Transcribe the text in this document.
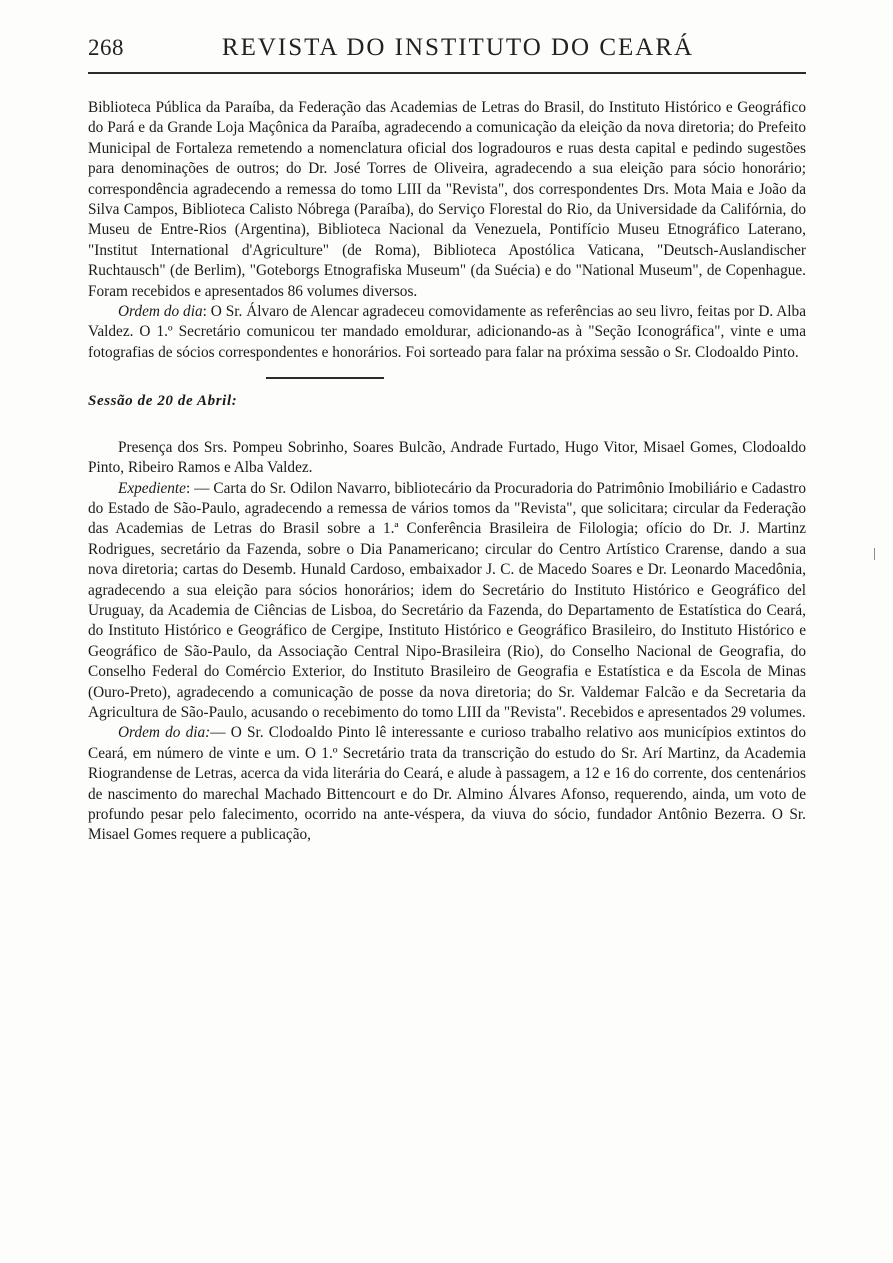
268	REVISTA DO INSTITUTO DO CEARÁ

Biblioteca Pública da Paraíba, da Federação das Academias de Letras do Brasil, do Instituto Histórico e Geográfico do Pará e da Grande Loja Maçônica da Paraíba, agradecendo a comunicação da eleição da nova diretoria; do Prefeito Municipal de Fortaleza remetendo a nomenclatura oficial dos logradouros e ruas desta capital e pedindo sugestões para denominações de outros; do Dr. José Torres de Oliveira, agradecendo a sua eleição para sócio honorário; correspondência agradecendo a remessa do tomo LIII da "Revista", dos correspondentes Drs. Mota Maia e João da Silva Campos, Biblioteca Calisto Nóbrega (Paraíba), do Serviço Florestal do Rio, da Universidade da Califórnia, do Museu de Entre-Rios (Argentina), Biblioteca Nacional da Venezuela, Pontifício Museu Etnográfico Laterano, "Institut International d'Agriculture" (de Roma), Biblioteca Apostólica Vaticana, "Deutsch-Auslandischer Ruchtausch" (de Berlim), "Goteborgs Etnografiska Museum" (da Suécia) e do "National Museum", de Copenhague. Foram recebidos e apresentados 86 volumes diversos.

Ordem do dia: O Sr. Álvaro de Alencar agradeceu comovidamente as referências ao seu livro, feitas por D. Alba Valdez. O 1.º Secretário comunicou ter mandado emoldurar, adicionando-as à "Seção Iconográfica", vinte e uma fotografias de sócios correspondentes e honorários. Foi sorteado para falar na próxima sessão o Sr. Clodoaldo Pinto.

Sessão de 20 de Abril:

Presença dos Srs. Pompeu Sobrinho, Soares Bulcão, Andrade Furtado, Hugo Vitor, Misael Gomes, Clodoaldo Pinto, Ribeiro Ramos e Alba Valdez.

Expediente: — Carta do Sr. Odilon Navarro, bibliotecário da Procuradoria do Patrimônio Imobiliário e Cadastro do Estado de São-Paulo, agradecendo a remessa de vários tomos da "Revista", que solicitara; circular da Federação das Academias de Letras do Brasil sobre a 1.ª Conferência Brasileira de Filologia; ofício do Dr. J. Martinz Rodrigues, secretário da Fazenda, sobre o Dia Panamericano; circular do Centro Artístico Crarense, dando a sua nova diretoria; cartas do Desemb. Hunald Cardoso, embaixador J. C. de Macedo Soares e Dr. Leonardo Macedônia, agradecendo a sua eleição para sócios honorários; idem do Secretário do Instituto Histórico e Geográfico del Uruguay, da Academia de Ciências de Lisboa, do Secretário da Fazenda, do Departamento de Estatística do Ceará, do Instituto Histórico e Geográfico de Cergipe, Instituto Histórico e Geográfico Brasileiro, do Instituto Histórico e Geográfico de São-Paulo, da Associação Central Nipo-Brasileira (Rio), do Conselho Nacional de Geografia, do Conselho Federal do Comércio Exterior, do Instituto Brasileiro de Geografia e Estatística e da Escola de Minas (Ouro-Preto), agradecendo a comunicação de posse da nova diretoria; do Sr. Valdemar Falcão e da Secretaria da Agricultura de São-Paulo, acusando o recebimento do tomo LIII da "Revista". Recebidos e apresentados 29 volumes.

Ordem do dia:— O Sr. Clodoaldo Pinto lê interessante e curioso trabalho relativo aos municípios extintos do Ceará, em número de vinte e um. O 1.º Secretário trata da transcrição do estudo do Sr. Arí Martinz, da Academia Riograndense de Letras, acerca da vida literária do Ceará, e alude à passagem, a 12 e 16 do corrente, dos centenários de nascimento do marechal Machado Bittencourt e do Dr. Almino Álvares Afonso, requerendo, ainda, um voto de profundo pesar pelo falecimento, ocorrido na ante-véspera, da viuva do sócio, fundador Antônio Bezerra. O Sr. Misael Gomes requere a publicação,
